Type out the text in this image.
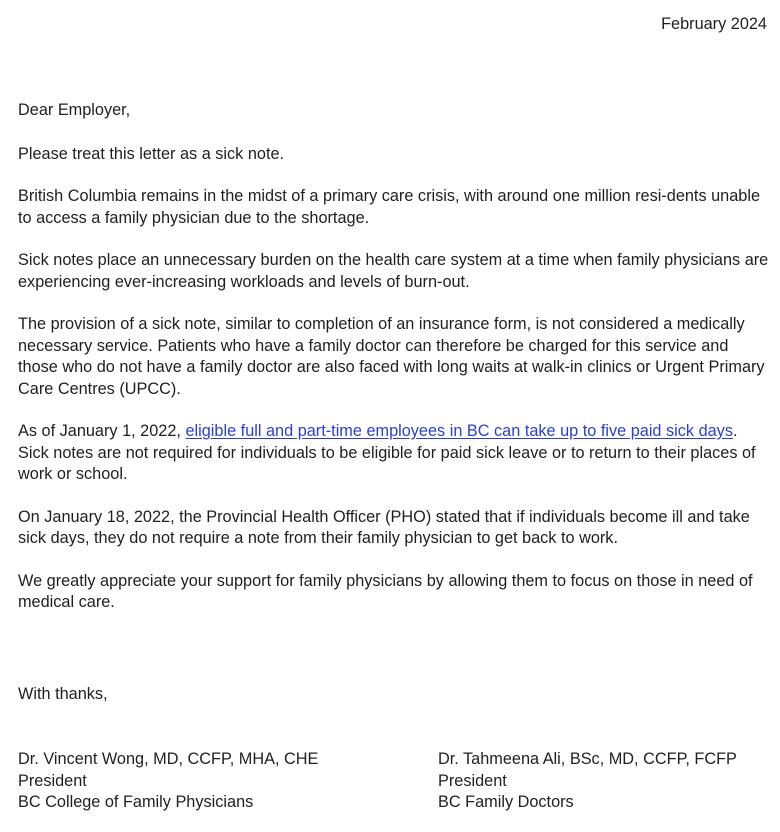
February 2024

Dear Employer,

Please treat this letter as a sick note.

British Columbia remains in the midst of a primary care crisis, with around one million resi-dents unable to access a family physician due to the shortage.

Sick notes place an unnecessary burden on the health care system at a time when family physicians are experiencing ever-increasing workloads and levels of burn-out.

The provision of a sick note, similar to completion of an insurance form, is not considered a medically necessary service. Patients who have a family doctor can therefore be charged for this service and those who do not have a family doctor are also faced with long waits at walk-in clinics or Urgent Primary Care Centres (UPCC).

As of January 1, 2022, eligible full and part-time employees in BC can take up to five paid sick days. Sick notes are not required for individuals to be eligible for paid sick leave or to return to their places of work or school.

On January 18, 2022, the Provincial Health Officer (PHO) stated that if individuals become ill and take sick days, they do not require a note from their family physician to get back to work.

We greatly appreciate your support for family physicians by allowing them to focus on those in need of medical care.

With thanks,

Dr. Vincent Wong, MD, CCFP, MHA, CHE
President
BC College of Family Physicians
Dr. Tahmeena Ali, BSc, MD, CCFP, FCFP
President
BC Family Doctors
